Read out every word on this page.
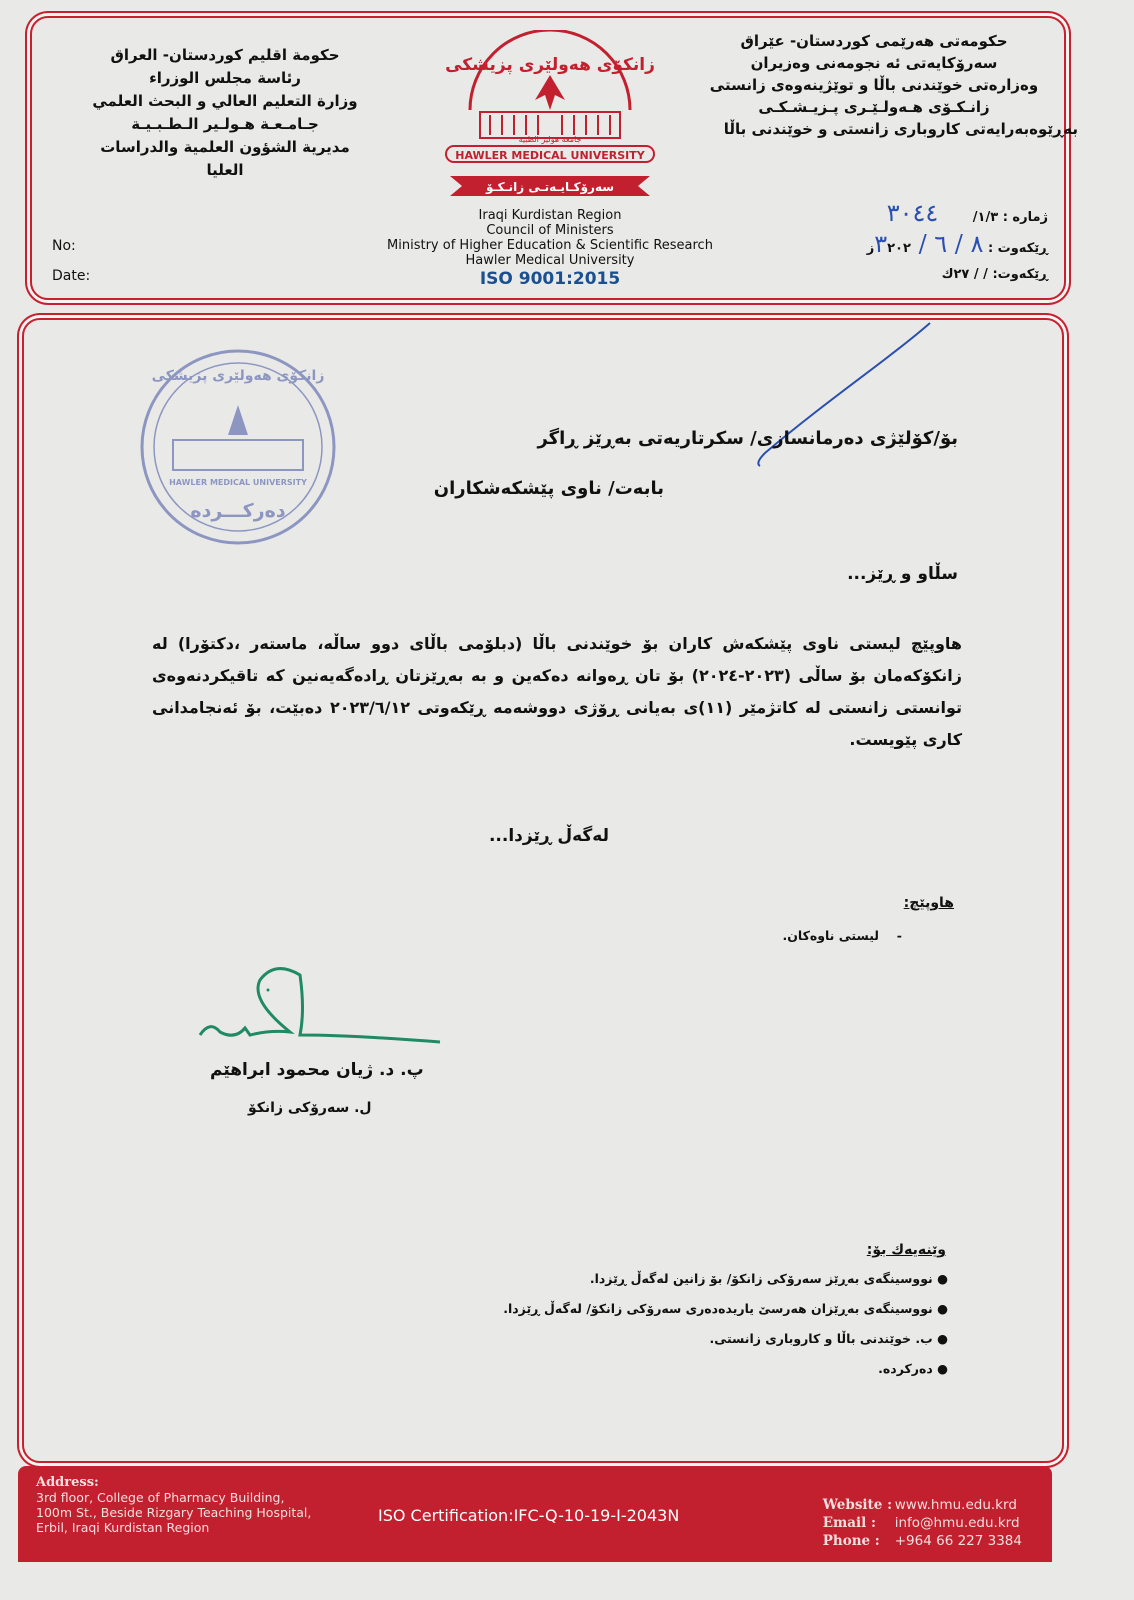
حکومەتی هەرێمی کوردستان- عێراق
سەرۆکایەتی ئه نجومەنی وەزیران
وەزارەتی خوێندنی باڵا و توێژینەوەی زانستی
زانـكـۆی هـەولـێـری پـزیـشـكـی
بەڕێوەبەرایەتی کاروباری زانستی و خوێندنی باڵا
حكومة اقليم كوردستان- العراق
رئاسة مجلس الوزراء
وزارة التعليم العالي و البحث العلمي
جـامـعـة هـولـير الـطـبـيـة
مديرية الشؤون العلمية والدراسات العليا
No:
Date:
زانکۆی هەولێری پزیشکی
جامعة هولير الطبية
HAWLER MEDICAL UNIVERSITY
سەرۆكـايـەتـی زانـكـۆ
Iraqi Kurdistan Region
Council of Ministers
Ministry of Higher Education & Scientific Research
Hawler Medical University
ISO 9001:2015
ژمارە : ١/٣/ ٣٠٤٤
ڕێکەوت : ٨ / ٦ / ٣٢٠٢ز
ڕێکەوت: / / ٢٧ك
زانکۆی هەولێری پزیشکی
HAWLER MEDICAL UNIVERSITY
دەرکـــردە
بۆ/کۆلێژی دەرمانسازی/ سکرتاریەتی بەڕێز ڕاگر
بابەت/ ناوی پێشکەشکاران
سڵاو و ڕێز...
هاوپێچ لیستی ناوی پێشکەش کاران بۆ خوێندنی باڵا (دبلۆمی باڵای دوو ساڵە، ماستەر ،دکتۆرا) لە زانکۆکەمان بۆ ساڵی (٢٠٢٣-٢٠٢٤) بۆ تان ڕەوانە دەکەین و بە بەڕێزتان ڕادەگەیەنین کە تاقیکردنەوەی توانستی زانستی لە کاتژمێر (١١)ی بەیانی ڕۆژی دووشەمە ڕێکەوتی ٢٠٢٣/٦/١٢ دەبێت، بۆ ئەنجامدانی کاری پێویست.
لەگەڵ ڕێزدا...
هاوپێچ:
-
لیستی ناوەکان.
پ. د. ژیان محمود ابراهێم
ل. سەرۆکی زانکۆ
وێنەیەك بۆ:
● نووسینگەی بەڕێز سەرۆکی زانکۆ/ بۆ زانین لەگەڵ ڕێزدا.
● نووسینگەی بەڕێزان هەرسێ یاریدەدەری سەرۆکی زانکۆ/ لەگەڵ ڕێزدا.
● ب. خوێندنی باڵا و کاروباری زانستی.
● دەرکردە.
Address:
3rd floor, College of Pharmacy Building,
100m St., Beside Rizgary Teaching Hospital,
Erbil, Iraqi Kurdistan Region
ISO Certification:IFC-Q-10-19-I-2043N
Website : www.hmu.edu.krd
Email : info@hmu.edu.krd
Phone : +964 66 227 3384
